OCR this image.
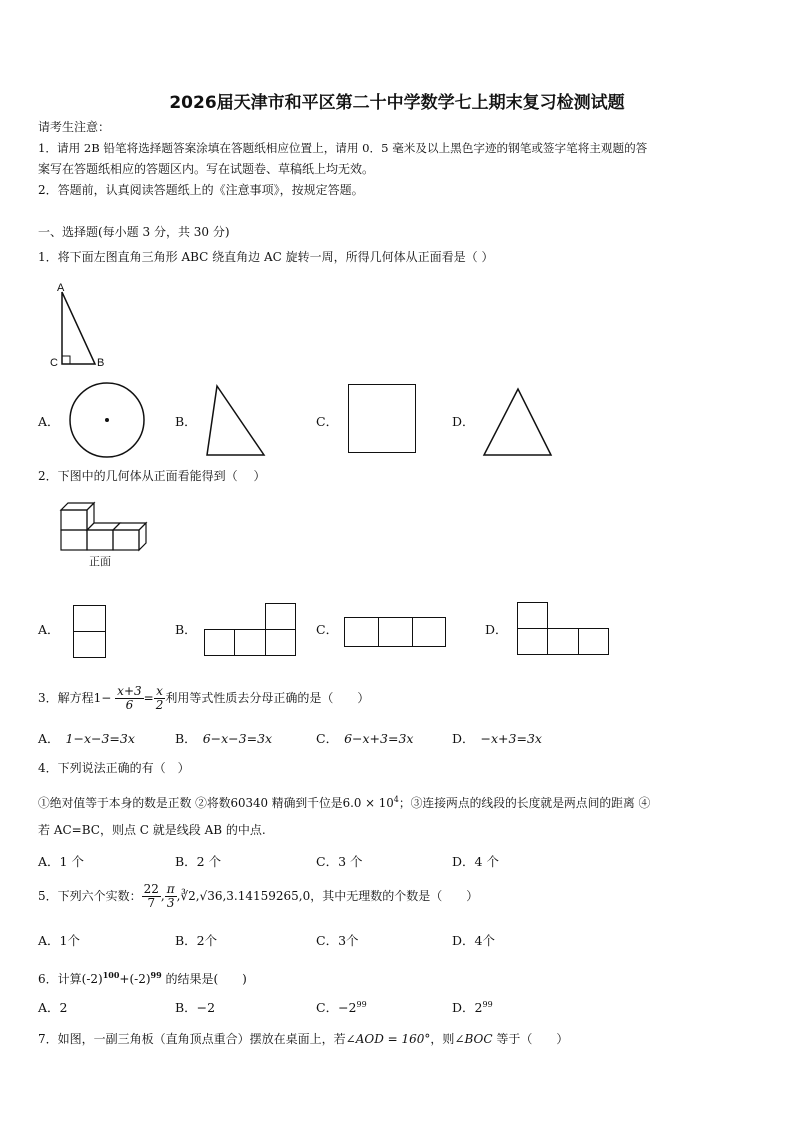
2026届天津市和平区第二十中学数学七上期末复习检测试题
请考生注意：
1．请用 2B 铅笔将选择题答案涂填在答题纸相应位置上，请用 0．5 毫米及以上黑色字迹的钢笔或签字笔将主观题的答
案写在答题纸相应的答题区内。写在试题卷、草稿纸上均无效。
2．答题前，认真阅读答题纸上的《注意事项》，按规定答题。
一、选择题(每小题 3 分，共 30 分)
1．将下面左图直角三角形 ABC 绕直角边 AC 旋转一周，所得几何体从正面看是（ ）
A
C	B
A．	B．	C．	D．
2．下图中的几何体从正面看能得到（　 ）
正面
A．	B．	C．	D．
3．解方程$1- \frac{x+3}{6} = \frac{x}{2}$ 利用等式性质去分母正确的是（　　）
A． 1−x−3=3x	B． 6−x−3=3x	C． 6−x+3=3x	D． −x+3=3x
4．下列说法正确的有（　）
①绝对值等于本身的数是正数 ②将数60340 精确到千位是$6.0 \times 10^4$；③连接两点的线段的长度就是两点间的距离 ④
若 AC=BC，则点 C 就是线段 AB 的中点.
A．1 个	B．2 个	C．3 个	D．4 个
5．下列六个实数： $\frac{22}{7}$ , $\frac{\pi}{3}$ ,∛2,√36,3.14159265,0，其中无理数的个数是（　　）
A．1个	B．2个	C．3个	D．4个
6．计算$(-2)^{100}+(-2)^{99}$ 的结果是(　　)
A．2	B．−2	C．$-2^{99}$	D．$2^{99}$
7．如图，一副三角板（直角顶点重合）摆放在桌面上，若∠AOD = 160°，则∠BOC 等于（　　）
